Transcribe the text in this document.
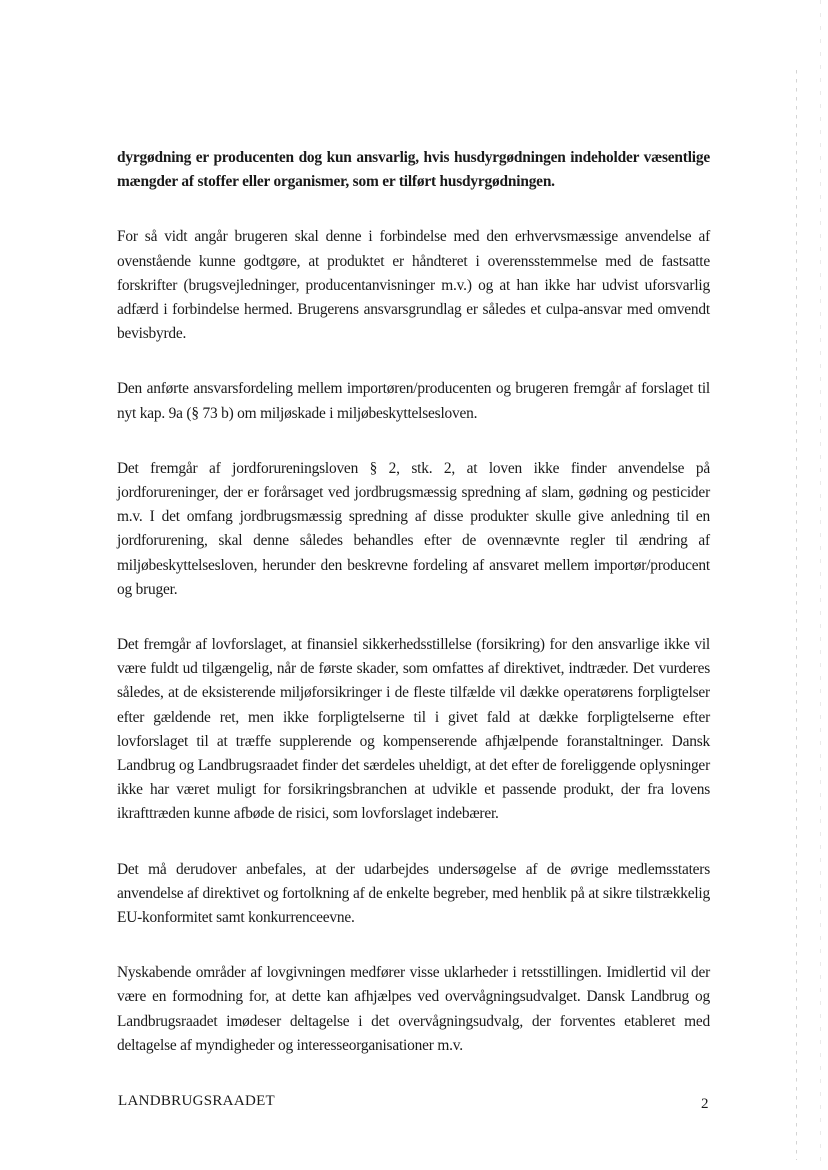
dyrgødning er producenten dog kun ansvarlig, hvis husdyrgødningen indeholder væsentlige mængder af stoffer eller organismer, som er tilført husdyrgødningen.

For så vidt angår brugeren skal denne i forbindelse med den erhvervsmæssige anvendelse af ovenstående kunne godtgøre, at produktet er håndteret i overensstemmelse med de fastsatte forskrifter (brugsvejledninger, producentanvisninger m.v.) og at han ikke har udvist uforsvarlig adfærd i forbindelse hermed. Brugerens ansvarsgrundlag er således et culpa-ansvar med omvendt bevisbyrde.

Den anførte ansvarsfordeling mellem importøren/producenten og brugeren fremgår af forslaget til nyt kap. 9a (§ 73 b) om miljøskade i miljøbeskyttelsesloven.

Det fremgår af jordforureningsloven § 2, stk. 2, at loven ikke finder anvendelse på jordforureninger, der er forårsaget ved jordbrugsmæssig spredning af slam, gødning og pesticider m.v. I det omfang jordbrugsmæssig spredning af disse produkter skulle give anledning til en jordforurening, skal denne således behandles efter de ovennævnte regler til ændring af miljøbeskyttelsesloven, herunder den beskrevne fordeling af ansvaret mellem importør/producent og bruger.

Det fremgår af lovforslaget, at finansiel sikkerhedsstillelse (forsikring) for den ansvarlige ikke vil være fuldt ud tilgængelig, når de første skader, som omfattes af direktivet, indtræder. Det vurderes således, at de eksisterende miljøforsikringer i de fleste tilfælde vil dække operatørens forpligtelser efter gældende ret, men ikke forpligtelserne til i givet fald at dække forpligtelserne efter lovforslaget til at træffe supplerende og kompenserende afhjælpende foranstaltninger. Dansk Landbrug og Landbrugsraadet finder det særdeles uheldigt, at det efter de foreliggende oplysninger ikke har været muligt for forsikringsbranchen at udvikle et passende produkt, der fra lovens ikrafttræden kunne afbøde de risici, som lovforslaget indebærer.

Det må derudover anbefales, at der udarbejdes undersøgelse af de øvrige medlemsstaters anvendelse af direktivet og fortolkning af de enkelte begreber, med henblik på at sikre tilstrækkelig EU-konformitet samt konkurrenceevne.

Nyskabende områder af lovgivningen medfører visse uklarheder i retsstillingen. Imidlertid vil der være en formodning for, at dette kan afhjælpes ved overvågningsudvalget. Dansk Landbrug og Landbrugsraadet imødeser deltagelse i det overvågningsudvalg, der forventes etableret med deltagelse af myndigheder og interesseorganisationer m.v.

LANDBRUGSRAADET	2
